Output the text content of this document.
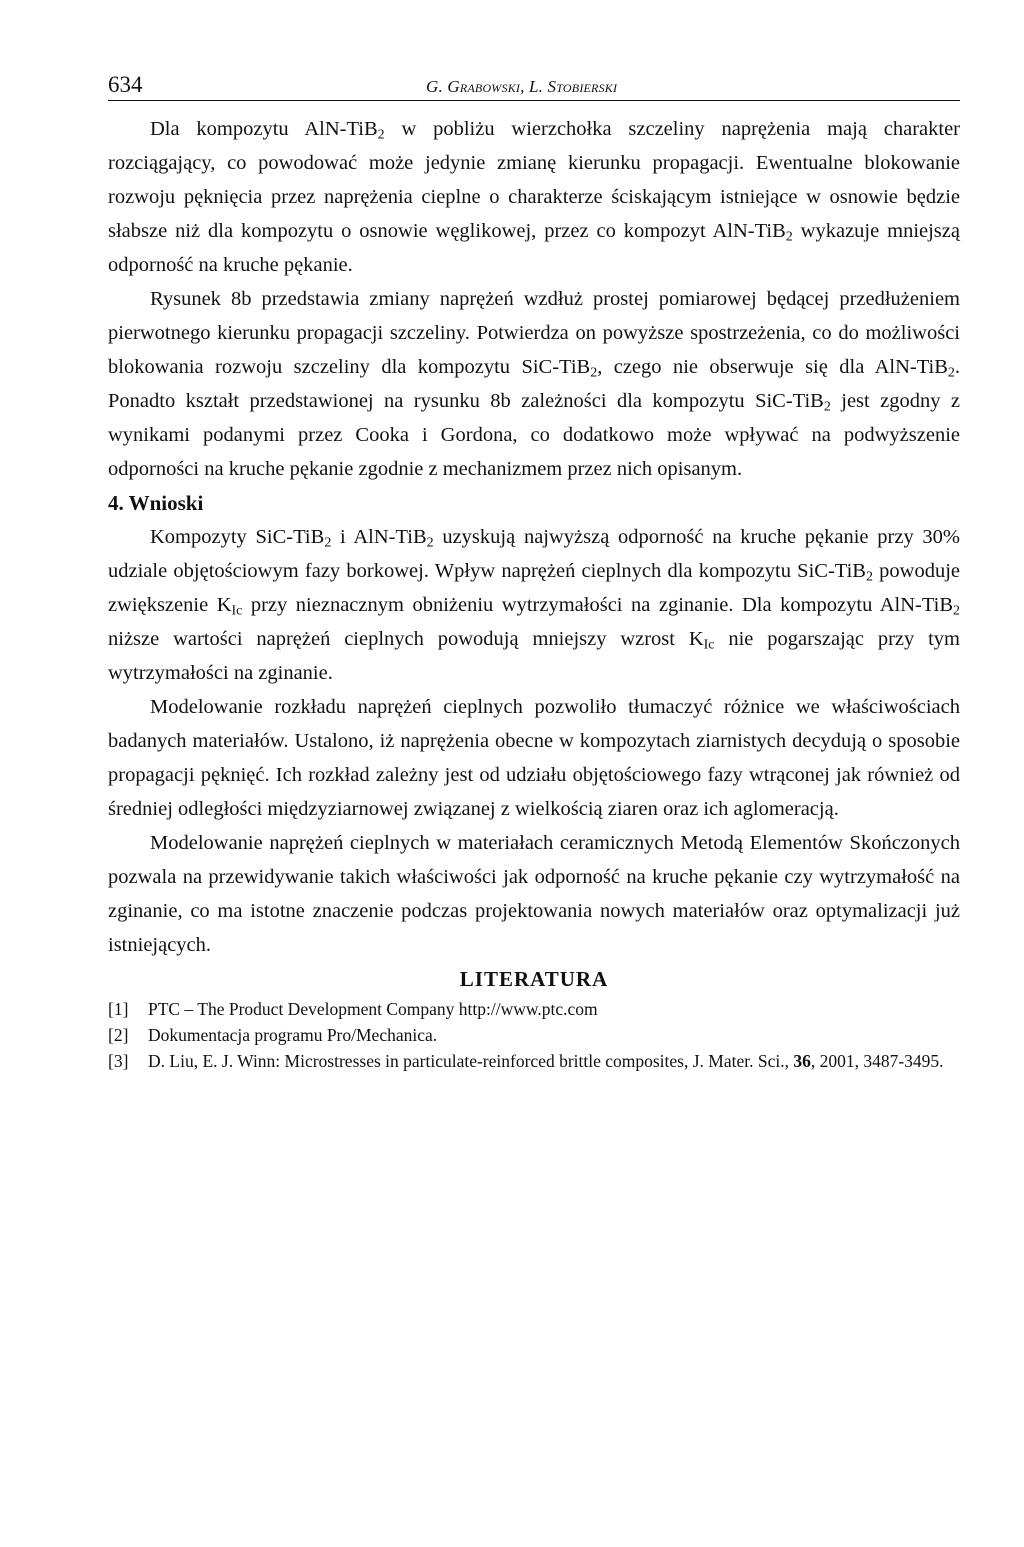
634	G. Grabowski, L. Stobierski

Dla kompozytu AlN-TiB$_2$ w pobliżu wierzchołka szczeliny naprężenia mają charakter rozciągający, co powodować może jedynie zmianę kierunku propagacji. Ewentualne blokowanie rozwoju pęknięcia przez naprężenia cieplne o charakterze ściskającym istniejące w osnowie będzie słabsze niż dla kompozytu o osnowie węglikowej, przez co kompozyt AlN-TiB$_2$ wykazuje mniejszą odporność na kruche pękanie.

Rysunek 8b przedstawia zmiany naprężeń wzdłuż prostej pomiarowej będącej przedłużeniem pierwotnego kierunku propagacji szczeliny. Potwierdza on powyższe spostrzeżenia, co do możliwości blokowania rozwoju szczeliny dla kompozytu SiC-TiB$_2$, czego nie obserwuje się dla AlN-TiB$_2$. Ponadto kształt przedstawionej na rysunku 8b zależności dla kompozytu SiC-TiB$_2$ jest zgodny z wynikami podanymi przez Cooka i Gordona, co dodatkowo może wpływać na podwyższenie odporności na kruche pękanie zgodnie z mechanizmem przez nich opisanym.

4. Wnioski

Kompozyty SiC-TiB$_2$ i AlN-TiB$_2$ uzyskują najwyższą odporność na kruche pękanie przy 30% udziale objętościowym fazy borkowej. Wpływ naprężeń cieplnych dla kompozytu SiC-TiB$_2$ powoduje zwiększenie $K_{Ic}$ przy nieznacznym obniżeniu wytrzymałości na zginanie. Dla kompozytu AlN-TiB$_2$ niższe wartości naprężeń cieplnych powodują mniejszy wzrost $K_{Ic}$ nie pogarszając przy tym wytrzymałości na zginanie.

Modelowanie rozkładu naprężeń cieplnych pozwoliło tłumaczyć różnice we właściwościach badanych materiałów. Ustalono, iż naprężenia obecne w kompozytach ziarnistych decydują o sposobie propagacji pęknięć. Ich rozkład zależny jest od udziału objętościowego fazy wtrąconej jak również od średniej odległości międzyziarnowej związanej z wielkością ziaren oraz ich aglomeracją.

Modelowanie naprężeń cieplnych w materiałach ceramicznych Metodą Elementów Skończonych pozwala na przewidywanie takich właściwości jak odporność na kruche pękanie czy wytrzymałość na zginanie, co ma istotne znaczenie podczas projektowania nowych materiałów oraz optymalizacji już istniejących.

LITERATURA

[1]	PTC – The Product Development Company http://www.ptc.com
[2]	Dokumentacja programu Pro/Mechanica.
[3]	D. Liu, E. J. Winn: Microstresses in particulate-reinforced brittle composites, J. Mater. Sci., 36, 2001, 3487-3495.
